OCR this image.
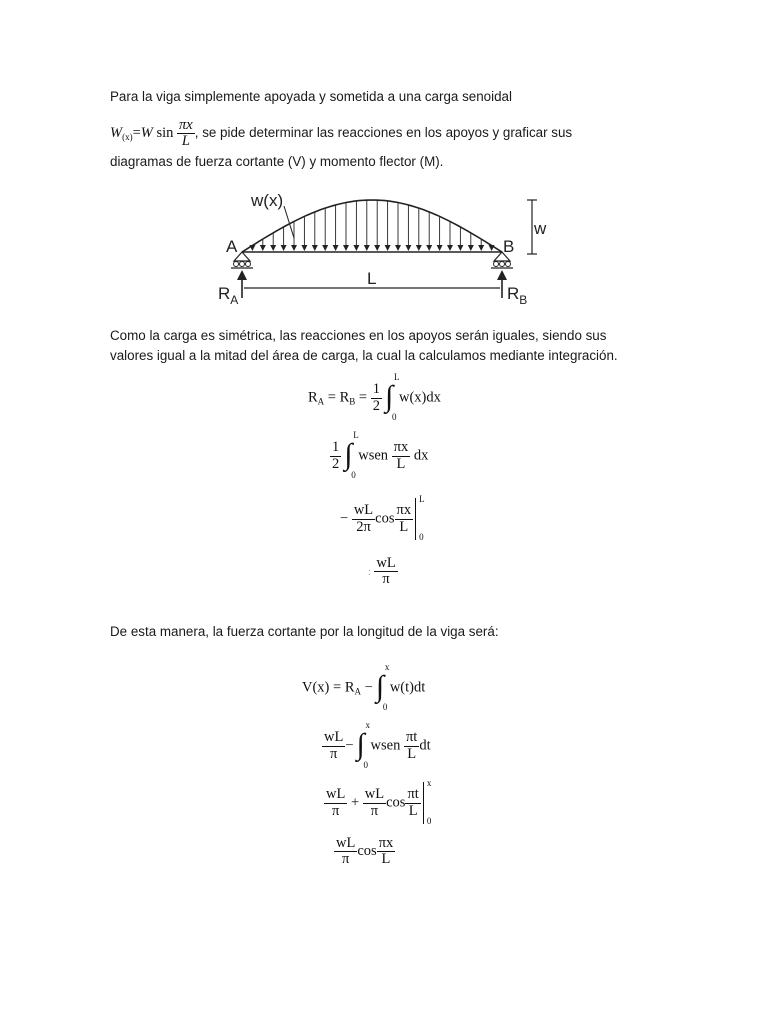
Para la viga simplemente apoyada y sometida a una carga senoidal

$W_{(x)}=W$ $\sin \frac{\pi x}{L}$ , se pide determinar las reacciones en los apoyos y graficar sus

diagramas de fuerza cortante (V) y momento flector (M).

w(x)
w
A	B
L
$R_A$	$R_B$

Como la carga es simétrica, las reacciones en los apoyos serán iguales, siendo sus

valores igual a la mitad del área de carga, la cual la calculamos mediante integración.

$R_A = R_B = \frac{1}{2}$ ∫
L
0
w(x)dx
$\frac{1}{2}$ ∫
L
0
wsen $\frac{\pi x}{L}$ dx
− $\frac{wL}{2\pi}$ $\cos \frac{\pi x}{L}$
L
0
: $\frac{wL}{\pi}$

De esta manera, la fuerza cortante por la longitud de la viga será:

$V(x) = R_A$ − ∫
x
0
w(t)dt
$\frac{wL}{\pi}$ − ∫
x
0
wsen $\frac{\pi t}{L}$ dt
$\frac{wL}{\pi} + \frac{wL}{\pi}$ $\cos \frac{\pi t}{L}$
x
0
$\frac{wL}{\pi}$ $\cos \frac{\pi x}{L}$
